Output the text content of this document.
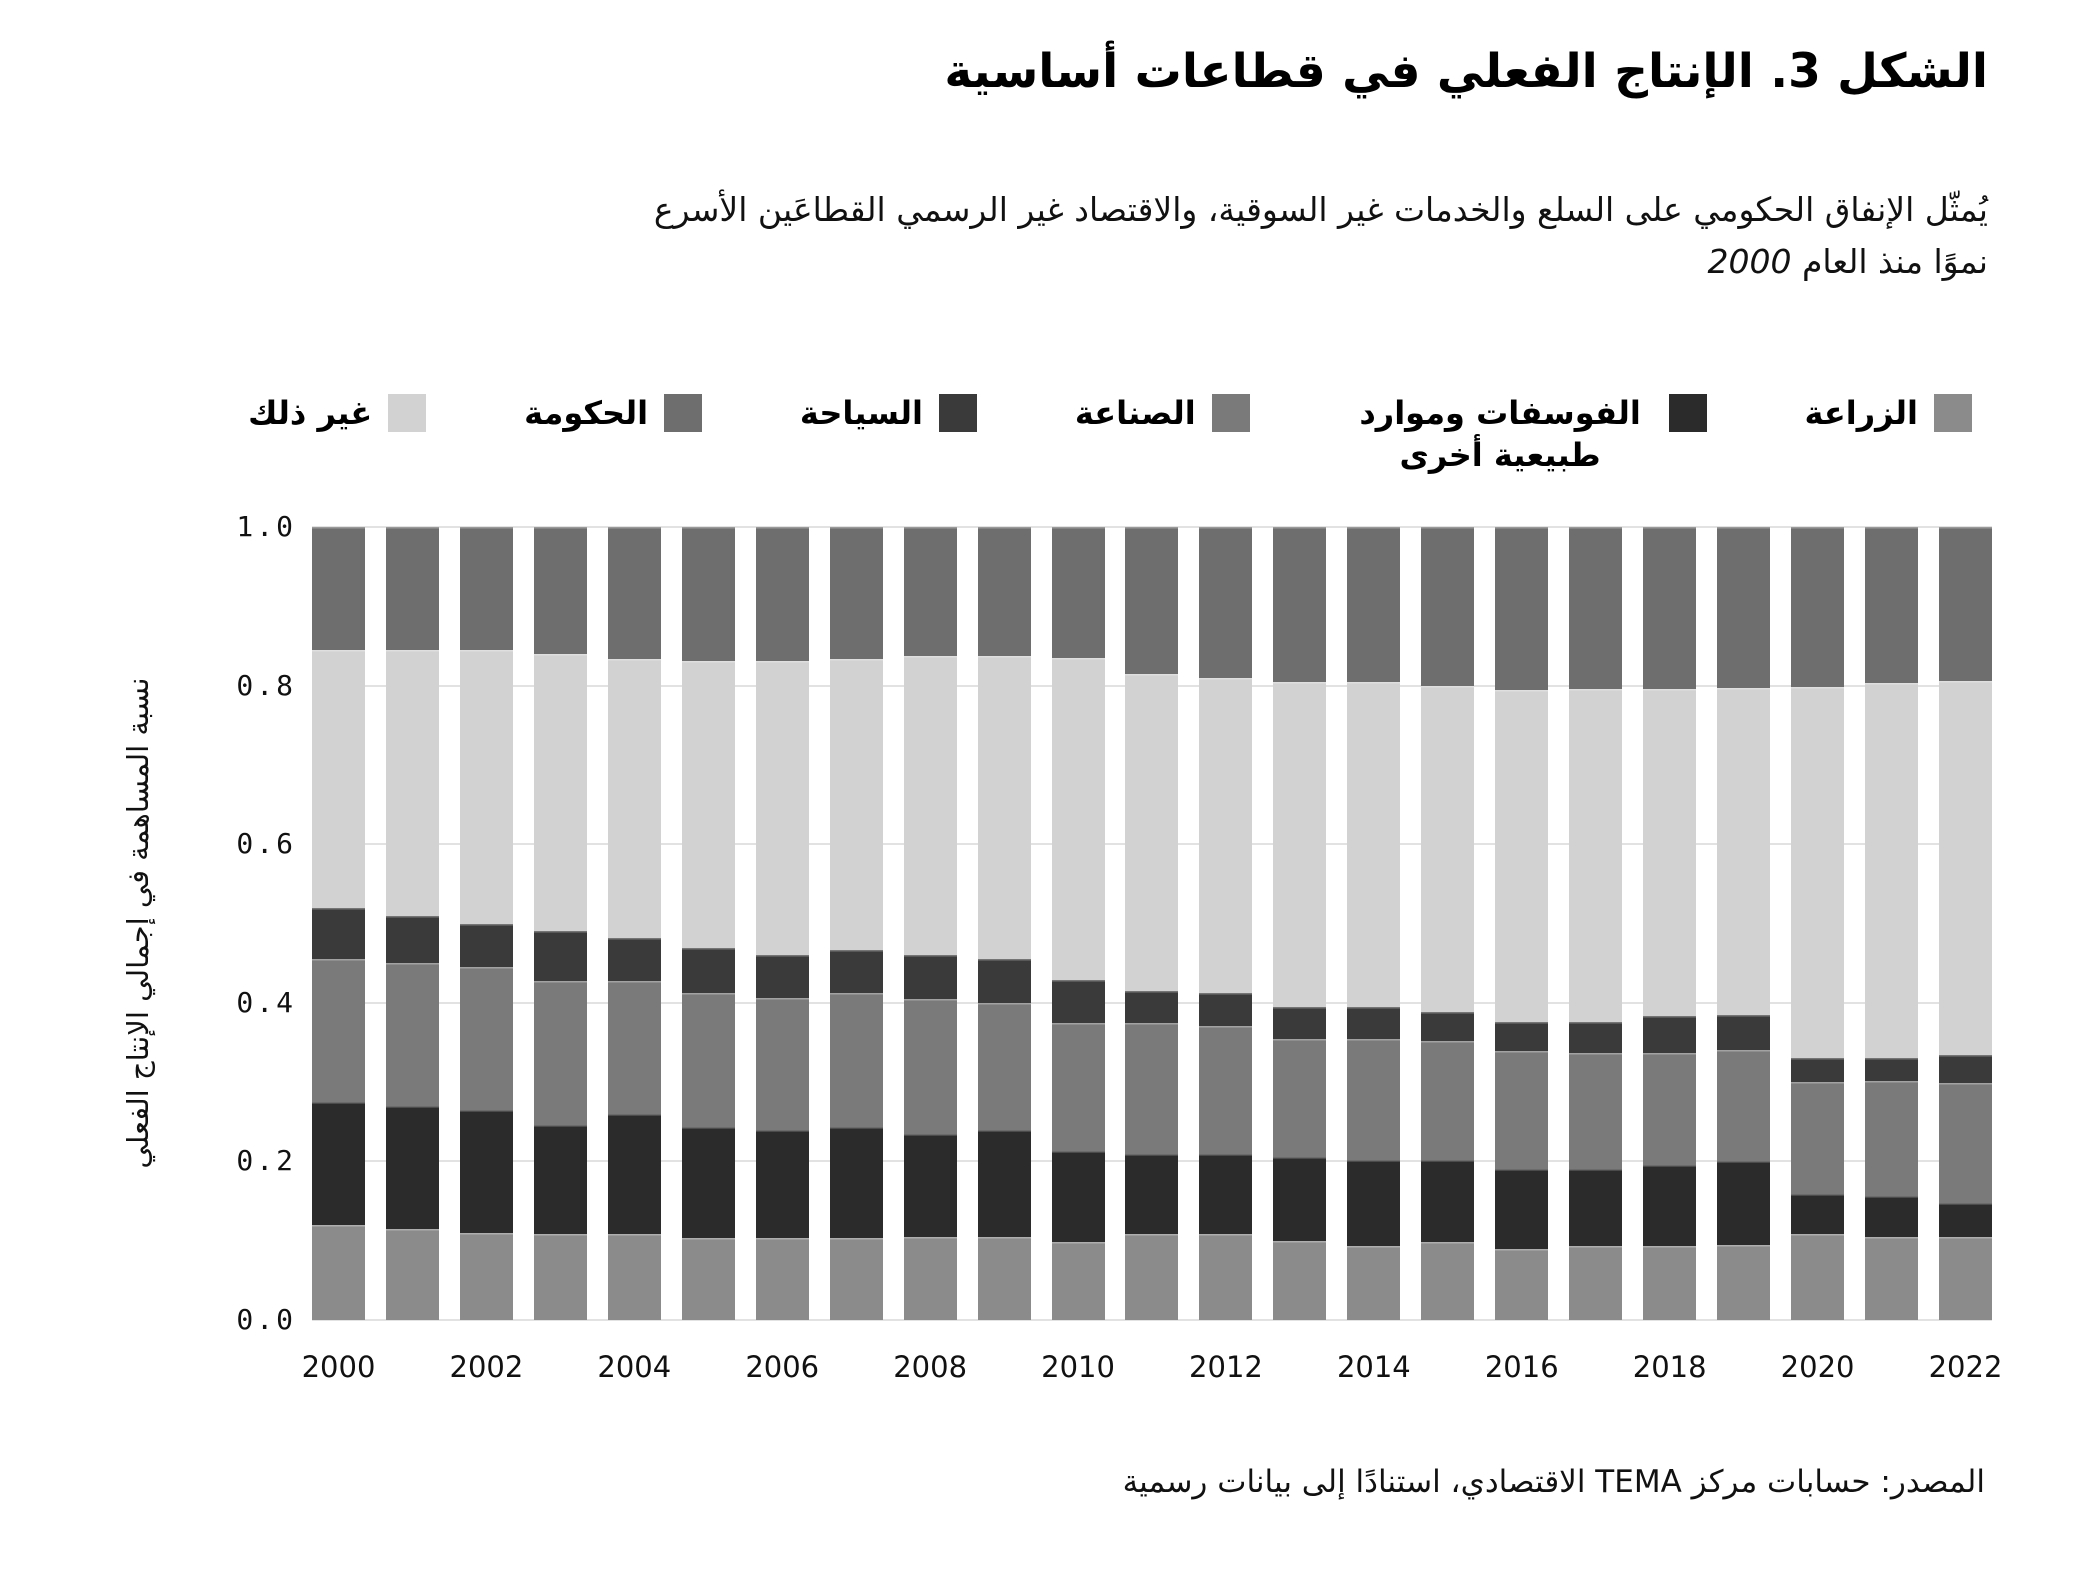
الشكل 3. الإنتاج الفعلي في قطاعات أساسية

يُمثّل الإنفاق الحكومي على السلع والخدمات غير السوقية، والاقتصاد غير الرسمي القطاعَين الأسرع
نموًا منذ العام 2000

الزراعة
الفوسفات وموارد طبيعية أخرى
الصناعة
السياحة
الحكومة
غير ذلك
نسبة المساهمة في إجمالي الإنتاج الفعلي
0.0
0.2
0.4
0.6
0.8
1.0
2000	2002	2004	2006	2008	2010	2012	2014	2016	2018	2020	2022

المصدر: حسابات مركز TEMA الاقتصادي، استنادًا إلى بيانات رسمية
